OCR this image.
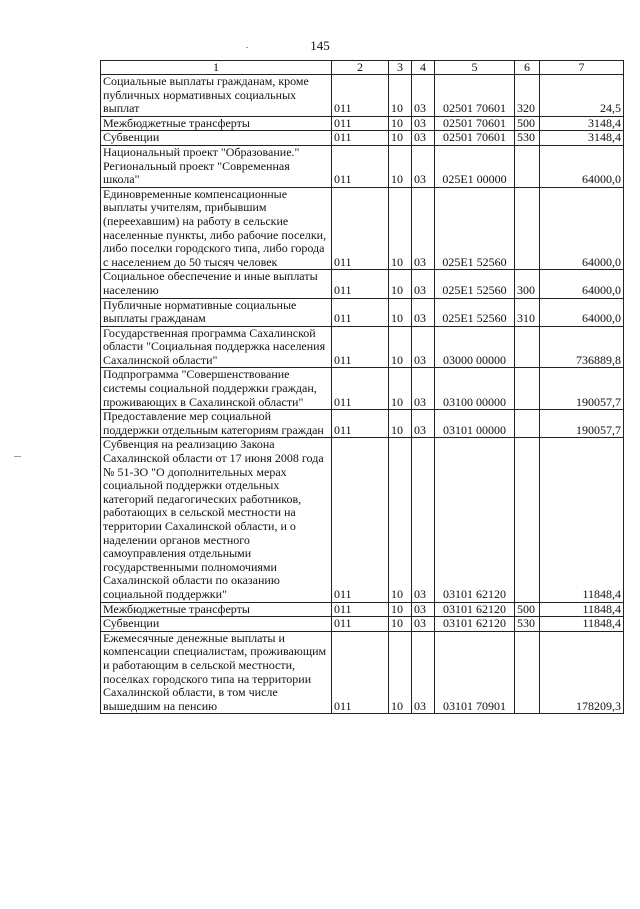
145
1	2	3	4	5	6	7
Социальные выплаты гражданам, кроме публичных нормативных социальных выплат	011	10	03	02501 70601	320	24,5
Межбюджетные трансферты	011	10	03	02501 70601	500	3148,4
Субвенции	011	10	03	02501 70601	530	3148,4
Национальный проект "Образование." Региональный проект "Современная школа"	011	10	03	025E1 00000		64000,0
Единовременные компенсационные выплаты учителям, прибывшим (переехавшим) на работу в сельские населенные пункты, либо рабочие поселки, либо поселки городского типа, либо города с населением до 50 тысяч человек	011	10	03	025E1 52560		64000,0
Социальное обеспечение и иные выплаты населению	011	10	03	025E1 52560	300	64000,0
Публичные нормативные социальные выплаты гражданам	011	10	03	025E1 52560	310	64000,0
Государственная программа Сахалинской области "Социальная поддержка населения Сахалинской области"	011	10	03	03000 00000		736889,8
Подпрограмма "Совершенствование системы социальной поддержки граждан, проживающих в Сахалинской области"	011	10	03	03100 00000		190057,7
Предоставление мер социальной поддержки отдельным категориям граждан	011	10	03	03101 00000		190057,7
Субвенция на реализацию Закона Сахалинской области от 17 июня 2008 года № 51-ЗО "О дополнительных мерах социальной поддержки отдельных категорий педагогических работников, работающих в сельской местности на территории Сахалинской области, и о наделении органов местного самоуправления отдельными государственными полномочиями Сахалинской области по оказанию социальной поддержки"	011	10	03	03101 62120		11848,4
Межбюджетные трансферты	011	10	03	03101 62120	500	11848,4
Субвенции	011	10	03	03101 62120	530	11848,4
Ежемесячные денежные выплаты и компенсации специалистам, проживающим и работающим в сельской местности, поселках городского типа на территории Сахалинской области, в том числе вышедшим на пенсию	011	10	03	03101 70901		178209,3
